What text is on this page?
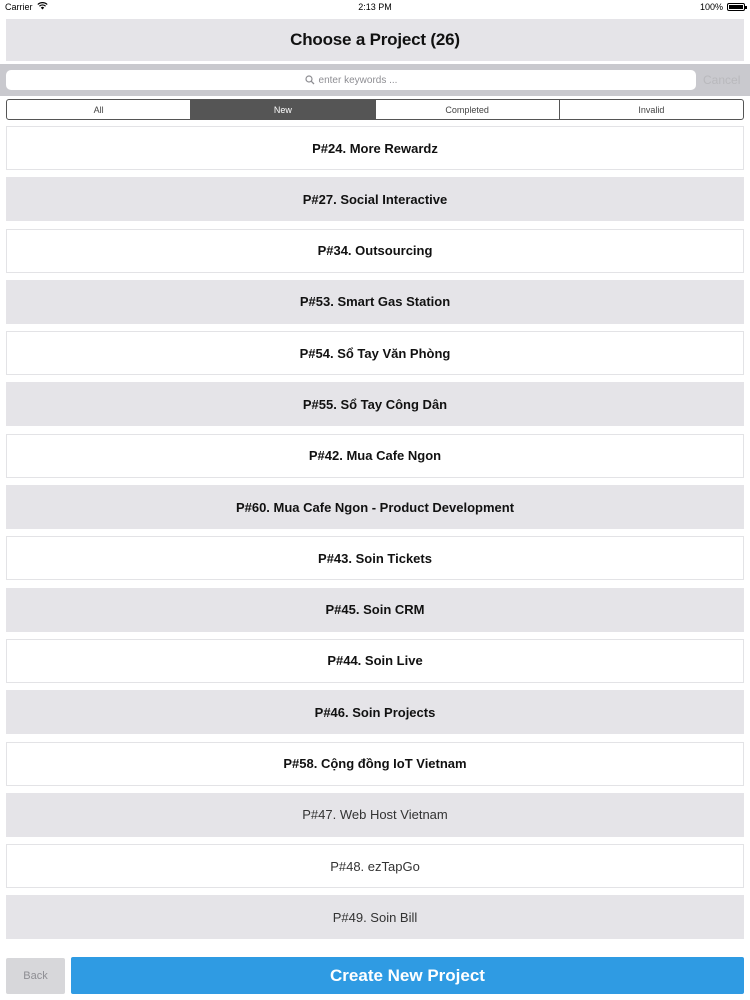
Carrier	2:13 PM	100%
Choose a Project (26)
enter keywords ...	Cancel
All	New	Completed	Invalid
P#24. More Rewardz
P#27. Social Interactive
P#34. Outsourcing
P#53. Smart Gas Station
P#54. Sổ Tay Văn Phòng
P#55. Sổ Tay Công Dân
P#42. Mua Cafe Ngon
P#60. Mua Cafe Ngon - Product Development
P#43. Soin Tickets
P#45. Soin CRM
P#44. Soin Live
P#46. Soin Projects
P#58. Cộng đồng IoT Vietnam
P#47. Web Host Vietnam
P#48. ezTapGo
P#49. Soin Bill
Back	Create New Project
